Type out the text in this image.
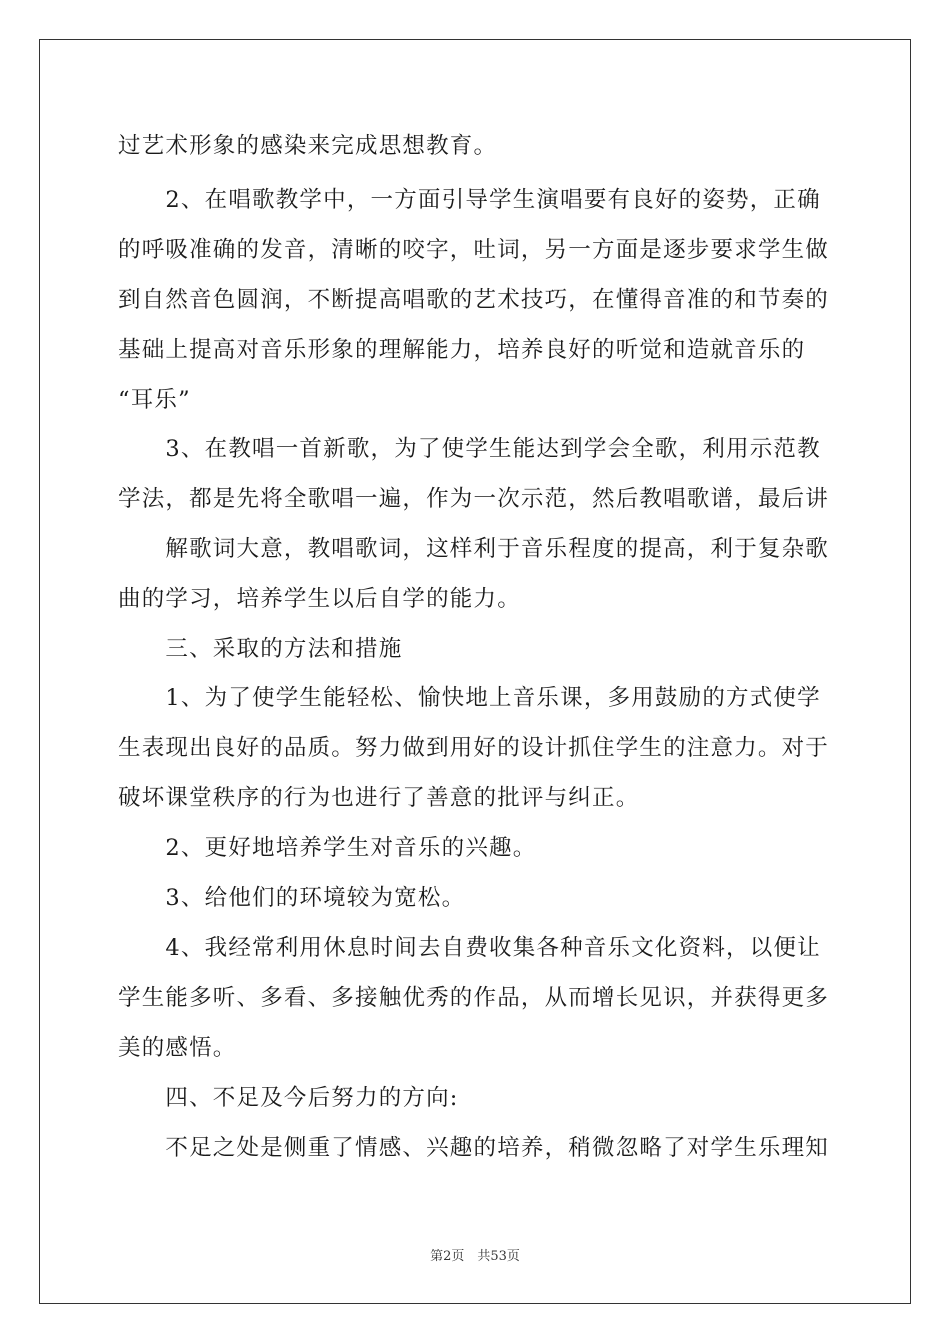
过艺术形象的感染来完成思想教育。
　　2、在唱歌教学中，一方面引导学生演唱要有良好的姿势，正确
的呼吸准确的发音，清晰的咬字，吐词，另一方面是逐步要求学生做
到自然音色圆润，不断提高唱歌的艺术技巧，在懂得音准的和节奏的
基础上提高对音乐形象的理解能力，培养良好的听觉和造就音乐的
“耳乐”
　　3、在教唱一首新歌，为了使学生能达到学会全歌，利用示范教
学法，都是先将全歌唱一遍，作为一次示范，然后教唱歌谱，最后讲
　　解歌词大意，教唱歌词，这样利于音乐程度的提高，利于复杂歌
曲的学习，培养学生以后自学的能力。
　　三、采取的方法和措施
　　1、为了使学生能轻松、愉快地上音乐课，多用鼓励的方式使学
生表现出良好的品质。努力做到用好的设计抓住学生的注意力。对于
破坏课堂秩序的行为也进行了善意的批评与纠正。
　　2、更好地培养学生对音乐的兴趣。
　　3、给他们的环境较为宽松。
　　4、我经常利用休息时间去自费收集各种音乐文化资料，以便让
学生能多听、多看、多接触优秀的作品，从而增长见识，并获得更多
美的感悟。
　　四、不足及今后努力的方向:
　　不足之处是侧重了情感、兴趣的培养，稍微忽略了对学生乐理知
第2页　共53页
